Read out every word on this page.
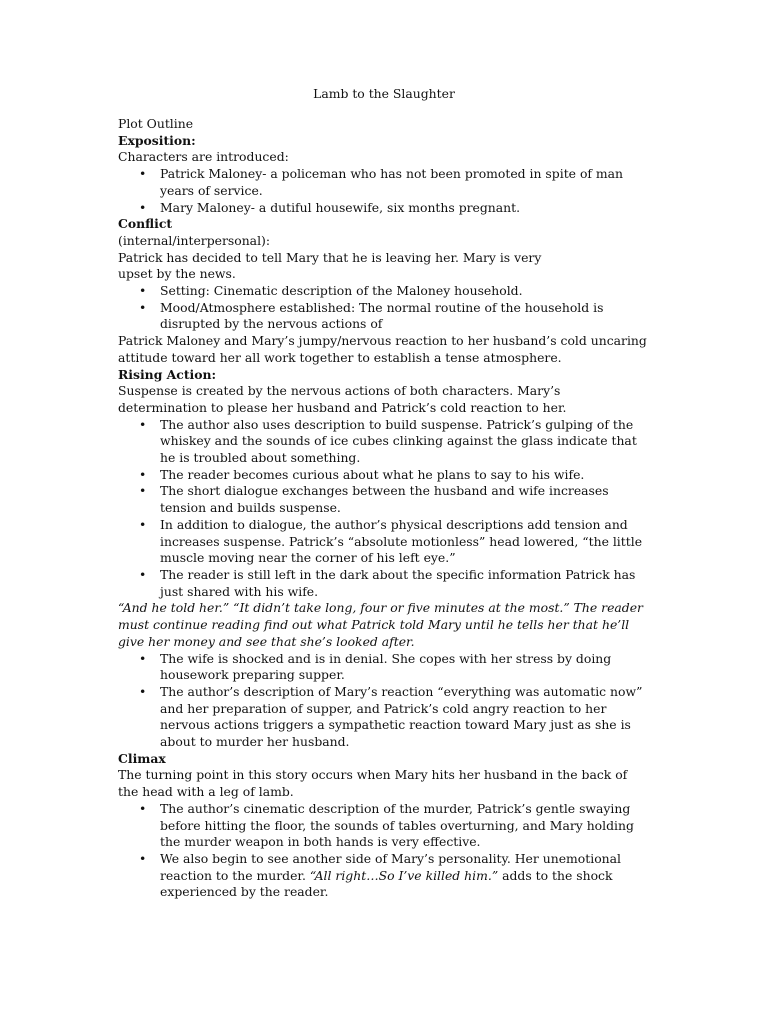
Lamb to the Slaughter

Plot Outline

Exposition:

Characters are introduced:

• Patrick Maloney- a policeman who has not been promoted in spite of man years of service.
• Mary Maloney- a dutiful housewife, six months pregnant.

Conflict

(internal/interpersonal):

Patrick has decided to tell Mary that he is leaving her. Mary is very upset by the news.

• Setting: Cinematic description of the Maloney household.
• Mood/Atmosphere established: The normal routine of the household is disrupted by the nervous actions of

Patrick Maloney and Mary’s jumpy/nervous reaction to her husband’s cold uncaring attitude toward her all work together to establish a tense atmosphere.

Rising Action:

Suspense is created by the nervous actions of both characters. Mary’s determination to please her husband and Patrick’s cold reaction to her.

• The author also uses description to build suspense. Patrick’s gulping of the whiskey and the sounds of ice cubes clinking against the glass indicate that he is troubled about something.
• The reader becomes curious about what he plans to say to his wife.
• The short dialogue exchanges between the husband and wife increases tension and builds suspense.
• In addition to dialogue, the author’s physical descriptions add tension and increases suspense. Patrick’s “absolute motionless” head lowered, “the little muscle moving near the corner of his left eye.”
• The reader is still left in the dark about the specific information Patrick has just shared with his wife.

“And he told her.” “It didn’t take long, four or five minutes at the most.” The reader must continue reading find out what Patrick told Mary until he tells her that he’ll give her money and see that she’s looked after.

• The wife is shocked and is in denial. She copes with her stress by doing housework preparing supper.
• The author’s description of Mary’s reaction “everything was automatic now” and her preparation of supper, and Patrick’s cold angry reaction to her nervous actions triggers a sympathetic reaction toward Mary just as she is about to murder her husband.

Climax

The turning point in this story occurs when Mary hits her husband in the back of the head with a leg of lamb.

• The author’s cinematic description of the murder, Patrick’s gentle swaying before hitting the floor, the sounds of tables overturning, and Mary holding the murder weapon in both hands is very effective.
• We also begin to see another side of Mary’s personality. Her unemotional reaction to the murder. “All right…So I’ve killed him.” adds to the shock experienced by the reader.
